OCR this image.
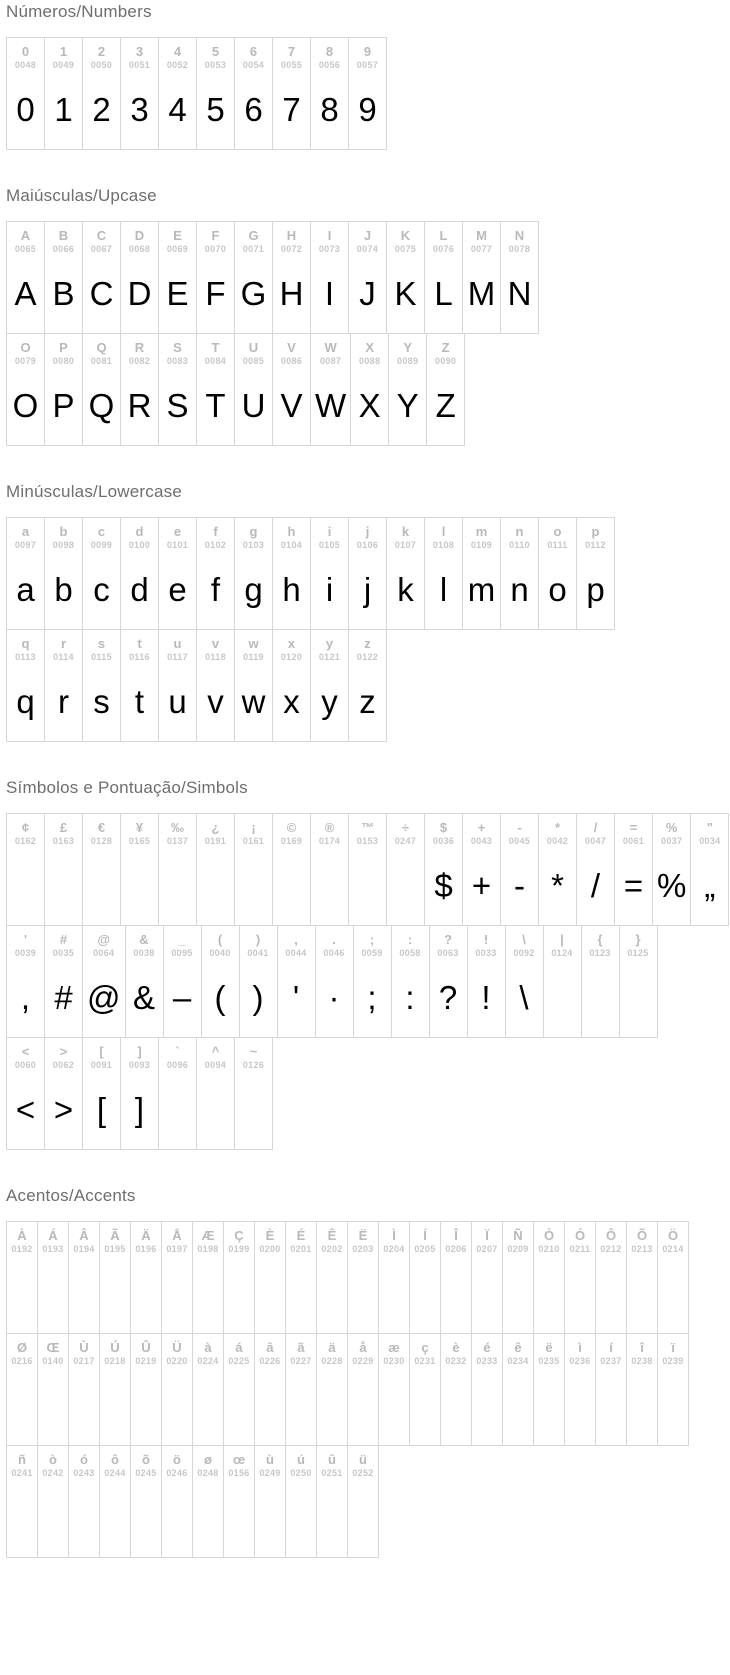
Números/Numbers
0
0048
0
1
0049
1
2
0050
2
3
0051
3
4
0052
4
5
0053
5
6
0054
6
7
0055
7
8
0056
8
9
0057
9
Maiúsculas/Upcase
A
0065
A
B
0066
B
C
0067
C
D
0068
D
E
0069
E
F
0070
F
G
0071
G
H
0072
H
I
0073
I
J
0074
J
K
0075
K
L
0076
L
M
0077
M
N
0078
N
O
0079
O
P
0080
P
Q
0081
Q
R
0082
R
S
0083
S
T
0084
T
U
0085
U
V
0086
V
W
0087
W
X
0088
X
Y
0089
Y
Z
0090
Z
Minúsculas/Lowercase
a
0097
a
b
0098
b
c
0099
c
d
0100
d
e
0101
e
f
0102
f
g
0103
g
h
0104
h
i
0105
i
j
0106
j
k
0107
k
l
0108
l
m
0109
m
n
0110
n
o
0111
o
p
0112
p
q
0113
q
r
0114
r
s
0115
s
t
0116
t
u
0117
u
v
0118
v
w
0119
w
x
0120
x
y
0121
y
z
0122
z
Símbolos e Pontuação/Simbols
¢
0162
£
0163
€
0128
¥
0165
‰
0137
¿
0191
¡
0161
©
0169
®
0174
™
0153
÷
0247
$
0036
$
+
0043
+
-
0045
-
*
0042
*
/
0047
/
=
0061
=
%
0037
%
"
0034
„
'
0039
,
#
0035
#
@
0064
@
&
0038
&
_
0095
–
(
0040
(
)
0041
)
,
0044
'
.
0046
·
;
0059
;
:
0058
:
?
0063
?
!
0033
!
\
0092
\
|
0124
{
0123
}
0125
<
0060
<
>
0062
>
[
0091
[
]
0093
]
`
0096
^
0094
~
0126
Acentos/Accents
À
0192
Á
0193
Â
0194
Ã
0195
Ä
0196
Å
0197
Æ
0198
Ç
0199
È
0200
É
0201
Ê
0202
Ë
0203
Ì
0204
Í
0205
Î
0206
Ï
0207
Ñ
0209
Ò
0210
Ó
0211
Ô
0212
Õ
0213
Ö
0214
Ø
0216
Œ
0140
Ù
0217
Ú
0218
Û
0219
Ü
0220
à
0224
á
0225
â
0226
ã
0227
ä
0228
å
0229
æ
0230
ç
0231
è
0232
é
0233
ê
0234
ë
0235
ì
0236
í
0237
î
0238
ï
0239
ñ
0241
ò
0242
ó
0243
ô
0244
õ
0245
ö
0246
ø
0248
œ
0156
ù
0249
ú
0250
û
0251
ü
0252
